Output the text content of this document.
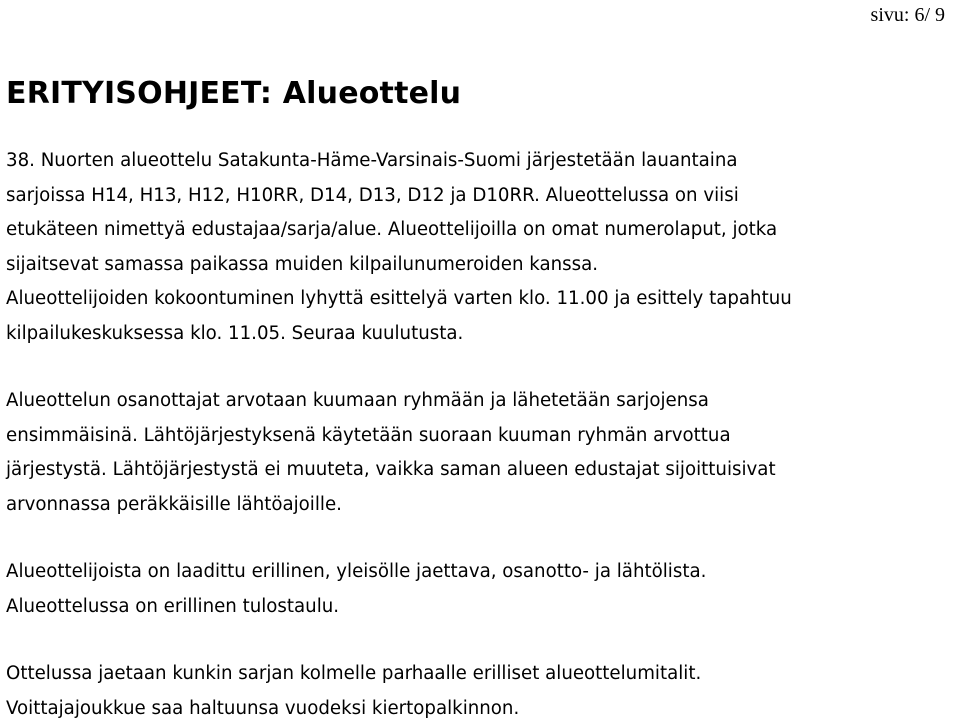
sivu: 6/ 9
ERITYISOHJEET: Alueottelu

38. Nuorten alueottelu Satakunta-Häme-Varsinais-Suomi järjestetään lauantaina
sarjoissa H14, H13, H12, H10RR, D14, D13, D12 ja D10RR. Alueottelussa on viisi
etukäteen nimettyä edustajaa/sarja/alue. Alueottelijoilla on omat numerolaput, jotka
sijaitsevat samassa paikassa muiden kilpailunumeroiden kanssa.
Alueottelijoiden kokoontuminen lyhyttä esittelyä varten klo. 11.00 ja esittely tapahtuu
kilpailukeskuksessa klo. 11.05. Seuraa kuulutusta.

Alueottelun osanottajat arvotaan kuumaan ryhmään ja lähetetään sarjojensa
ensimmäisinä. Lähtöjärjestyksenä käytetään suoraan kuuman ryhmän arvottua
järjestystä. Lähtöjärjestystä ei muuteta, vaikka saman alueen edustajat sijoittuisivat
arvonnassa peräkkäisille lähtöajoille.

Alueottelijoista on laadittu erillinen, yleisölle jaettava, osanotto- ja lähtölista.
Alueottelussa on erillinen tulostaulu.

Ottelussa jaetaan kunkin sarjan kolmelle parhaalle erilliset alueottelumitalit.
Voittajajoukkue saa haltuunsa vuodeksi kiertopalkinnon.
